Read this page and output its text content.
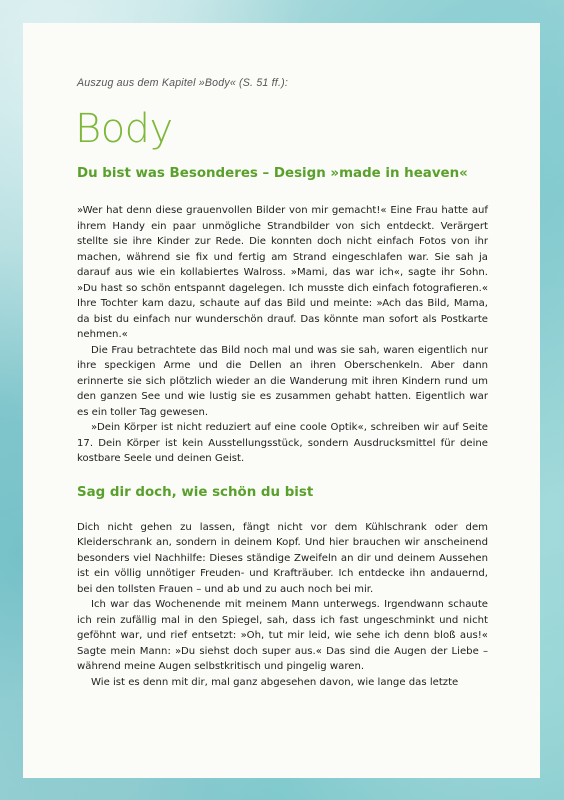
Auszug aus dem Kapitel »Body« (S. 51 ff.):

Body
Du bist was Besonderes – Design »made in heaven«

»Wer hat denn diese grauenvollen Bilder von mir gemacht!« Eine Frau hatte auf ihrem Handy ein paar unmögliche Strandbilder von sich entdeckt. Verärgert stellte sie ihre Kinder zur Rede. Die konnten doch nicht einfach Fotos von ihr machen, während sie fix und fertig am Strand eingeschlafen war. Sie sah ja darauf aus wie ein kollabiertes Walross. »Mami, das war ich«, sagte ihr Sohn. »Du hast so schön entspannt dagelegen. Ich musste dich einfach fotografieren.« Ihre Tochter kam dazu, schaute auf das Bild und meinte: »Ach das Bild, Mama, da bist du einfach nur wunderschön drauf. Das könnte man sofort als Postkarte nehmen.«

Die Frau betrachtete das Bild noch mal und was sie sah, waren eigentlich nur ihre speckigen Arme und die Dellen an ihren Oberschenkeln. Aber dann erinnerte sie sich plötzlich wieder an die Wanderung mit ihren Kindern rund um den ganzen See und wie lustig sie es zusammen gehabt hatten. Eigentlich war es ein toller Tag gewesen.

»Dein Körper ist nicht reduziert auf eine coole Optik«, schreiben wir auf Seite 17. Dein Körper ist kein Ausstellungsstück, sondern Ausdrucksmittel für deine kostbare Seele und deinen Geist.

Sag dir doch, wie schön du bist

Dich nicht gehen zu lassen, fängt nicht vor dem Kühlschrank oder dem Kleiderschrank an, sondern in deinem Kopf. Und hier brauchen wir anscheinend besonders viel Nachhilfe: Dieses ständige Zweifeln an dir und deinem Aussehen ist ein völlig unnötiger Freuden- und Krafträuber. Ich entdecke ihn andauernd, bei den tollsten Frauen – und ab und zu auch noch bei mir.

Ich war das Wochenende mit meinem Mann unterwegs. Irgendwann schaute ich rein zufällig mal in den Spiegel, sah, dass ich fast ungeschminkt und nicht geföhnt war, und rief entsetzt: »Oh, tut mir leid, wie sehe ich denn bloß aus!« Sagte mein Mann: »Du siehst doch super aus.« Das sind die Augen der Liebe – während meine Augen selbstkritisch und pingelig waren.

Wie ist es denn mit dir, mal ganz abgesehen davon, wie lange das letzte
